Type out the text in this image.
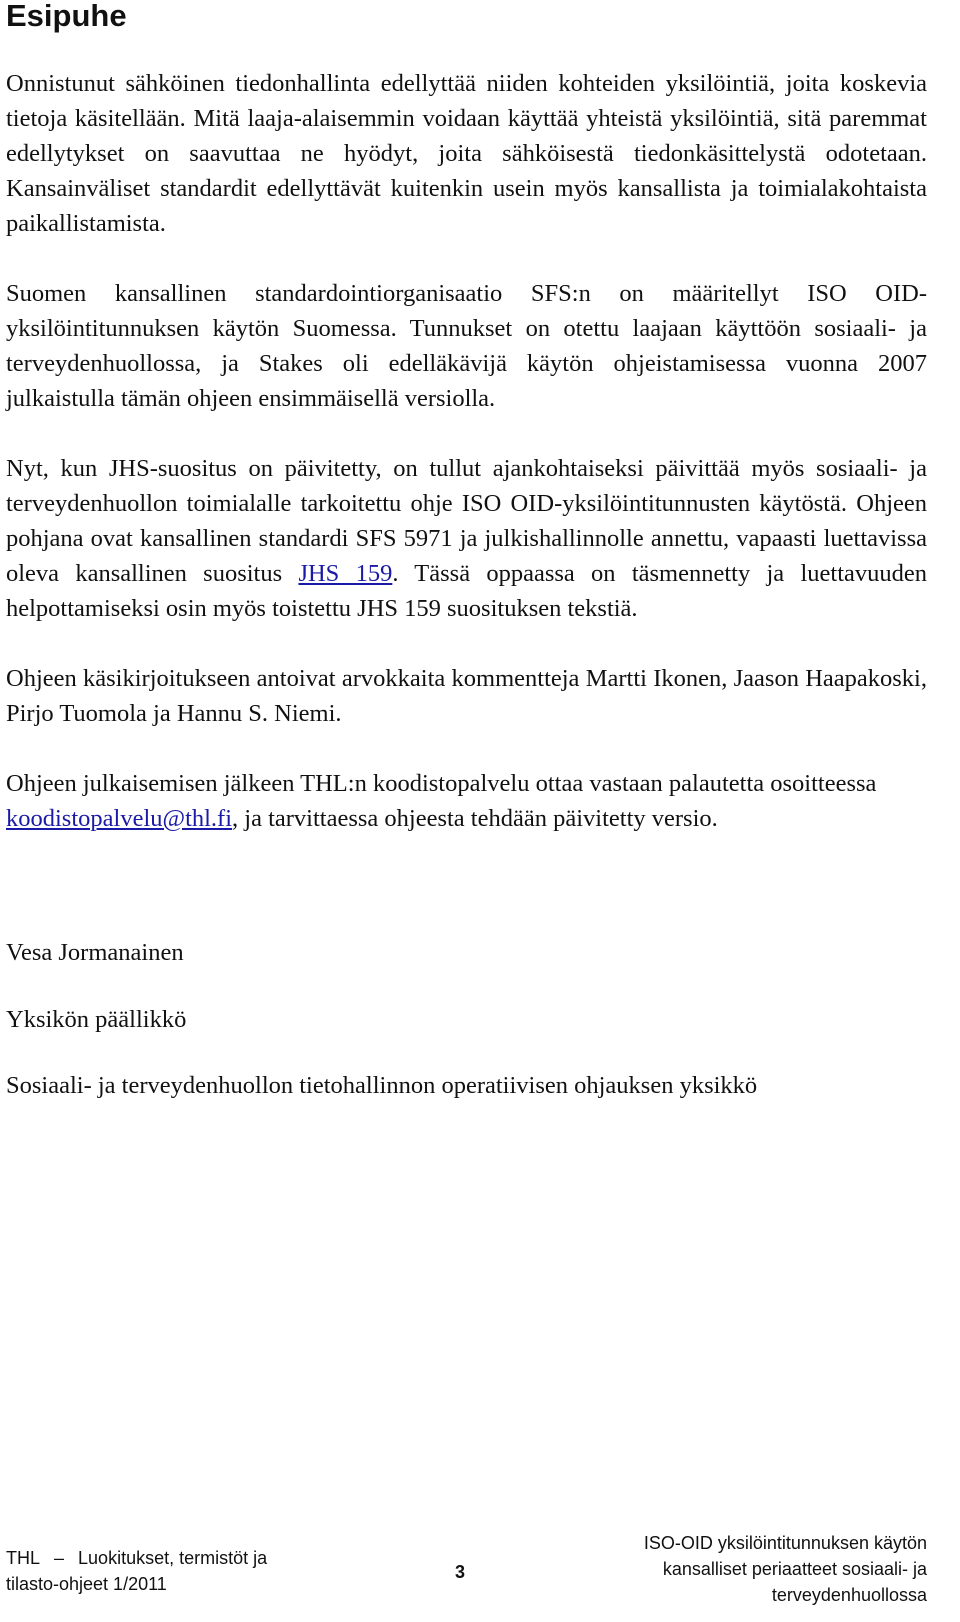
Esipuhe

Onnistunut sähköinen tiedonhallinta edellyttää niiden kohteiden yksilöintiä, joita koskevia tietoja käsitellään. Mitä laaja-alaisemmin voidaan käyttää yhteistä yksilöintiä, sitä paremmat edellytykset on saavuttaa ne hyödyt, joita sähköisestä tiedonkäsittelystä odotetaan. Kansainväliset standardit edellyttävät kuitenkin usein myös kansallista ja toimialakohtaista paikallistamista.

Suomen kansallinen standardointiorganisaatio SFS:n on määritellyt ISO OID-yksilöintitunnuksen käytön Suomessa. Tunnukset on otettu laajaan käyttöön sosiaali- ja terveydenhuollossa, ja Stakes oli edelläkävijä käytön ohjeistamisessa vuonna 2007 julkaistulla tämän ohjeen ensimmäisellä versiolla.

Nyt, kun JHS-suositus on päivitetty, on tullut ajankohtaiseksi päivittää myös sosiaali- ja terveydenhuollon toimialalle tarkoitettu ohje ISO OID-yksilöintitunnusten käytöstä. Ohjeen pohjana ovat kansallinen standardi SFS 5971 ja julkishallinnolle annettu, vapaasti luettavissa oleva kansallinen suositus JHS 159. Tässä oppaassa on täsmennetty ja luettavuuden helpottamiseksi osin myös toistettu JHS 159 suosituksen tekstiä.

Ohjeen käsikirjoitukseen antoivat arvokkaita kommentteja Martti Ikonen, Jaason Haapakoski, Pirjo Tuomola ja Hannu S. Niemi.

Ohjeen julkaisemisen jälkeen THL:n koodistopalvelu ottaa vastaan palautetta osoitteessa koodistopalvelu@thl.fi, ja tarvittaessa ohjeesta tehdään päivitetty versio.

Vesa Jormanainen

Yksikön päällikkö

Sosiaali- ja terveydenhuollon tietohallinnon operatiivisen ohjauksen yksikkö

THL – Luokitukset, termistöt ja
tilasto-ohjeet 1/2011
3
ISO-OID yksilöintitunnuksen käytön
kansalliset periaatteet sosiaali- ja
terveydenhuollossa
